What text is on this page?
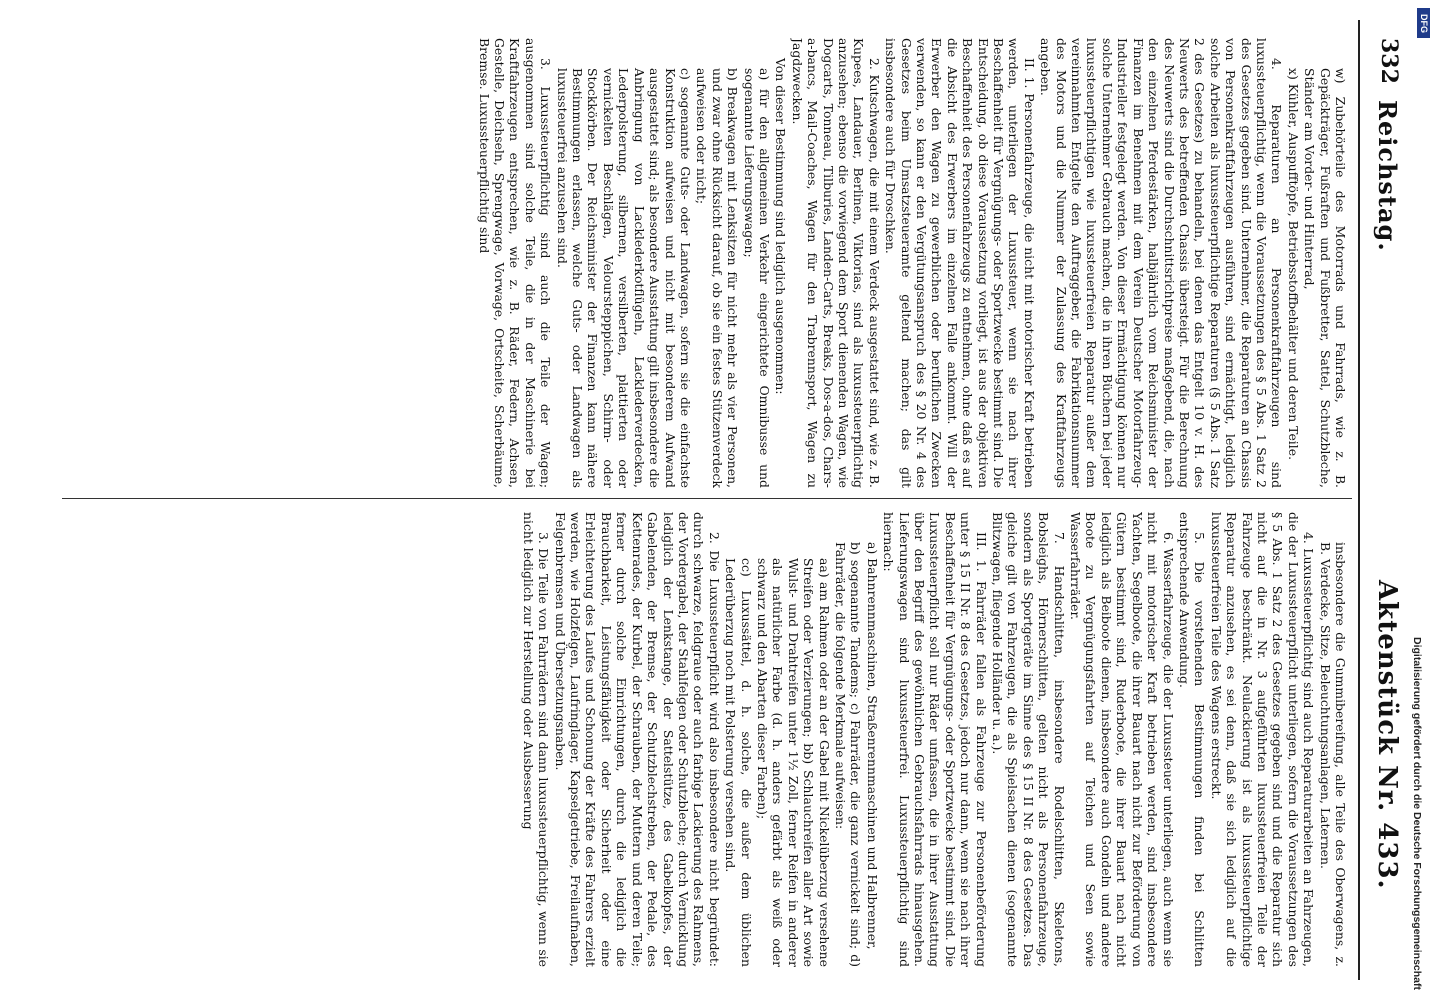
332
Reichstag.
Aktenstück Nr. 433.

w) Zubehörteile des Motorrads und Fahrrads, wie z. B. Gepäckträger, Fußraften und Fußbretter, Sattel, Schutzbleche, Ständer am Vorder- und Hinterrad,

x) Kühler, Auspufftöpfe, Betriebsstoffbehälter und deren Teile.

4. Reparaturen an Personenkraftfahrzeugen sind luxussteuerpflichtig, wenn die Voraussetzungen des § 5 Abs. 1 Satz 2 des Gesetzes gegeben sind. Unternehmer, die Reparaturen an Chassis von Personenkraftfahrzeugen ausführen, sind ermächtigt, lediglich solche Arbeiten als luxussteuerpflichtige Reparaturen (§ 5 Abs. 1 Satz 2 des Gesetzes) zu behandeln, bei denen das Entgelt 10 v. H. des Neuwerts des betreffenden Chassis übersteigt. Für die Berechnung des Neuwerts sind die Durchschnittsrichtpreise maßgebend, die, nach den einzelnen Pferdestärken, halbjährlich vom Reichsminister der Finanzen im Benehmen mit dem Verein Deutscher Motorfahrzeug-Industrieller festgelegt werden. Von dieser Ermächtigung können nur solche Unternehmer Gebrauch machen, die in ihren Büchern bei jeder luxussteuerpflichtigen wie luxussteuerfreien Reparatur außer dem vereinnahmten Entgelte den Auftraggeber, die Fabrikationsnummer des Motors und die Nummer der Zulassung des Kraftfahrzeugs angeben.

II. 1. Personenfahrzeuge, die nicht mit motorischer Kraft betrieben werden, unterliegen der Luxussteuer, wenn sie nach ihrer Beschaffenheit für Vergnügungs- oder Sportzwecke bestimmt sind. Die Entscheidung, ob diese Voraussetzung vorliegt, ist aus der objektiven Beschaffenheit des Personenfahrzeugs zu entnehmen, ohne daß es auf die Absicht des Erwerbers im einzelnen Falle ankommt. Will der Erwerber den Wagen zu gewerblichen oder beruflichen Zwecken verwenden, so kann er den Vergütungsanspruch des § 20 Nr. 4 des Gesetzes beim Umsatzsteueramte geltend machen; das gilt insbesondere auch für Droschken.

2. Kutschwagen, die mit einem Verdeck ausgestattet sind, wie z. B. Kupees, Landauer, Berlinen, Viktorias, sind als luxussteuerpflichtig anzusehen; ebenso die vorwiegend dem Sport dienenden Wagen, wie Dogcarts, Tonneau, Tilburies, Landen-Carts, Breaks, Dos-a-dos, Chars-a-bancs, Mail-Coaches, Wagen für den Trabrennsport, Wagen zu Jagdzwecken.

Von dieser Bestimmung sind lediglich ausgenommen:

a) für den allgemeinen Verkehr eingerichtete Omnibusse und sogenannte Lieferungswagen;

b) Breakwagen mit Lenksitzen für nicht mehr als vier Personen, und zwar ohne Rücksicht darauf, ob sie ein festes Stützenverdeck aufweisen oder nicht;

c) sogenannte Guts- oder Landwagen, sofern sie die einfachste Konstruktion aufweisen und nicht mit besonderem Aufwand ausgestattet sind; als besondere Ausstattung gilt insbesondere die Anbringung von Lacklederkotflügeln, Lacklederverdecken, Lederpolsterung, silbernen, versilberten, plattierten oder vernickelten Beschlägen, Velourstepppichen, Schirm- oder Stockkörben. Der Reichsminister der Finanzen kann nähere Bestimmungen erlassen, welche Guts- oder Landwagen als luxussteuerfrei anzusehen sind.

3. Luxussteuerpflichtig sind auch die Teile der Wagen; ausgenommen sind solche Teile, die in der Maschinerie bei Kraftfahrzeugen entsprechen, wie z. B. Räder, Federn, Achsen, Gestelle, Deichseln, Sprengwage, Vorwage, Ortscheite, Scherbäume, Bremse. Luxussteuerpflichtig sind

insbesondere die Gummibereifung, alle Teile des Oberwagens, z. B. Verdecke, Sitze, Beleuchtungsanlagen, Laternen.

4. Luxussteuerpflichtig sind auch Reparaturarbeiten an Fahrzeugen, die der Luxussteuerpflicht unterliegen, sofern die Voraussetzungen des § 5 Abs. 1 Satz 2 des Gesetzes gegeben sind und die Reparatur sich nicht auf die in Nr. 3 aufgeführten luxussteuerfreien Teile der Fahrzeuge beschränkt. Neulackierung ist als luxussteuerpflichtige Reparatur anzusehen, es sei denn, daß sie sich lediglich auf die luxussteuerfreien Teile des Wagens erstreckt.

5. Die vorstehenden Bestimmungen finden bei Schlitten entsprechende Anwendung.

6. Wasserfahrzeuge, die der Luxussteuer unterliegen, auch wenn sie nicht mit motorischer Kraft betrieben werden, sind insbesondere Yachten, Segelboote, die ihrer Bauart nach nicht zur Beförderung von Gütern bestimmt sind, Ruderboote, die ihrer Bauart nach nicht lediglich als Beiboote dienen, insbesondere auch Gondeln und andere Boote zu Vergnügungsfahrten auf Teichen und Seen sowie Wasserfahrräder.

7. Handschlitten, insbesondere Rodelschlitten, Skeletons, Bobsleighs, Hörnerschlitten, gelten nicht als Personenfahrzeuge, sondern als Sportgeräte im Sinne des § 15 II Nr. 8 des Gesetzes. Das gleiche gilt von Fahrzeugen, die als Spielsachen dienen (sogenannte Blitzwagen, fliegende Holländer u. a.).

III. 1. Fahrräder fallen als Fahrzeuge zur Personenbeförderung unter § 15 II Nr. 8 des Gesetzes, jedoch nur dann, wenn sie nach ihrer Beschaffenheit für Vergnügungs- oder Sportzwecke bestimmt sind. Die Luxussteuerpflicht soll nur Räder umfassen, die in ihrer Ausstattung über den Begriff des gewöhnlichen Gebrauchsfahrrads hinausgehen. Lieferungswagen sind luxussteuerfrei. Luxussteuerpflichtig sind hiernach:

a) Bahnrennmaschinen, Straßenrennmaschinen und Halbrenner,

b) sogenannte Tandems; c) Fahrräder, die ganz vernickelt sind; d) Fahrräder, die folgende Merkmale aufweisen:

aa) am Rahmen oder an der Gabel mit Nickelüberzug versehene Streifen oder Verzierungen; bb) Schlauchreifen aller Art sowie Wulst- und Drahtreifen unter 1½ Zoll, ferner Reifen in anderer als natürlicher Farbe (d. h. anders gefärbt als weiß oder schwarz und den Abarten dieser Farben);

cc) Luxussättel, d. h. solche, die außer dem üblichen Lederüberzug noch mit Polsterung versehen sind.

2. Die Luxussteuerpflicht wird also insbesondere nicht begründet: durch schwarze, feldgraue oder auch farbige Lackierung des Rahmens, der Vordergabel, der Stahlfelgen oder Schutzbleche; durch Vernicklung lediglich der Lenkstange, der Sattelstütze, des Gabelkopfes, der Gabelenden, der Bremse, der Schutzblechstreben, der Pedale, des Kettenrades, der Kurbel, der Schrauben, der Muttern und deren Teile; ferner durch solche Einrichtungen, durch die lediglich die Brauchbarkeit, Leistungsfähigkeit oder Sicherheit oder eine Erleichterung des Laufes und Schonung der Kräfte des Fahrers erzielt werden, wie Holzfelgen, Laufringlager, Kapselgetriebe, Freilaufnaben, Felgenbremsen und Übersetzungsnaben.

3. Die Teile von Fahrrädern sind dann luxussteuerpflichtig, wenn sie nicht lediglich zur Herstellung oder Ausbesserung

DFG
Digitalisierung gefördert durch die Deutsche Forschungsgemeinschaft
